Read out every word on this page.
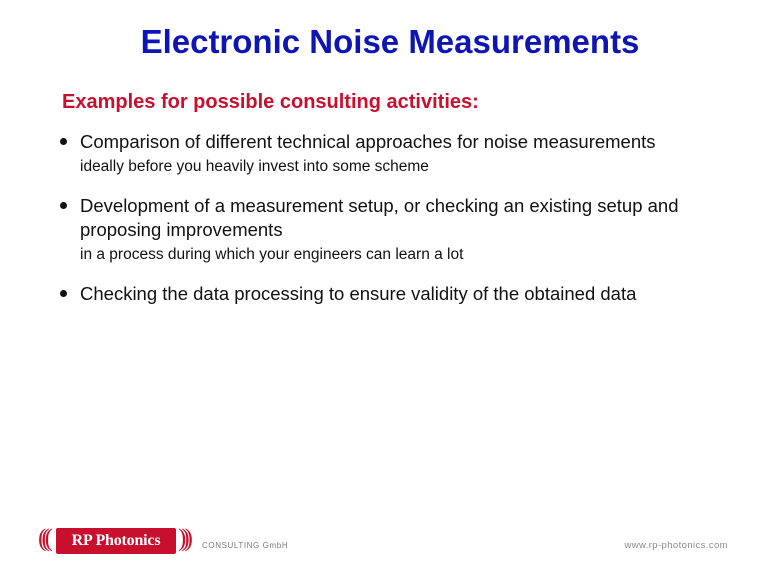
Electronic Noise Measurements
Examples for possible consulting activities:
Comparison of different technical approaches for noise measurements
ideally before you heavily invest into some scheme
Development of a measurement setup, or checking an existing setup and proposing improvements
in a process during which your engineers can learn a lot
Checking the data processing to ensure validity of the obtained data
((( RP Photonics ))) CONSULTING GmbH	www.rp-photonics.com
